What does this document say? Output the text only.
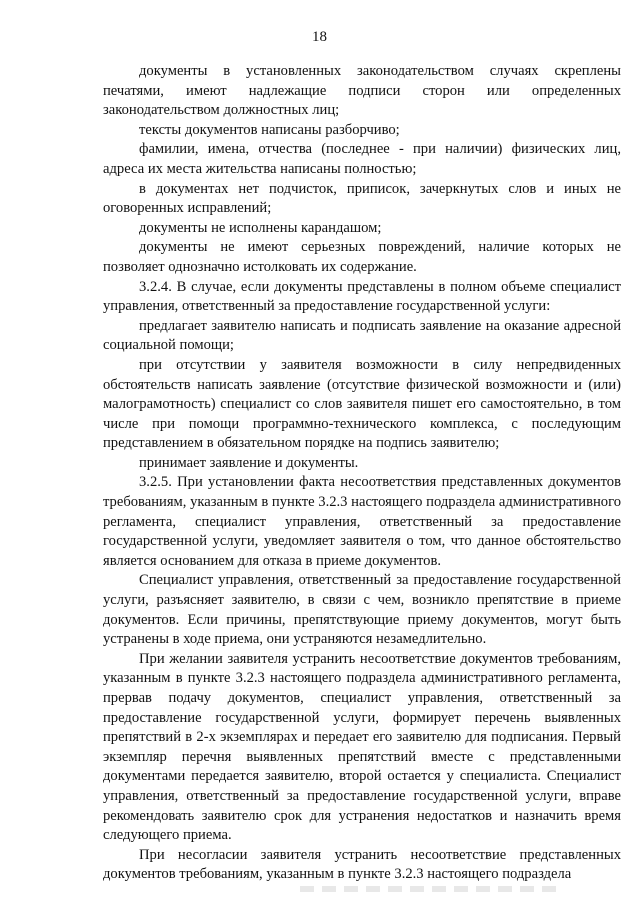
18

документы в установленных законодательством случаях скреплены печатями, имеют надлежащие подписи сторон или определенных законодательством должностных лиц;

тексты документов написаны разборчиво;

фамилии, имена, отчества (последнее - при наличии) физических лиц, адреса их места жительства написаны полностью;

в документах нет подчисток, приписок, зачеркнутых слов и иных не оговоренных исправлений;

документы не исполнены карандашом;

документы не имеют серьезных повреждений, наличие которых не позволяет однозначно истолковать их содержание.

3.2.4. В случае, если документы представлены в полном объеме специалист управления, ответственный за предоставление государственной услуги:

предлагает заявителю написать и подписать заявление на оказание адресной социальной помощи;

при отсутствии у заявителя возможности в силу непредвиденных обстоятельств написать заявление (отсутствие физической возможности и (или) малограмотность) специалист со слов заявителя пишет его самостоятельно, в том числе при помощи программно-технического комплекса, с последующим представлением в обязательном порядке на подпись заявителю;

принимает заявление и документы.

3.2.5. При установлении факта несоответствия представленных документов требованиям, указанным в пункте 3.2.3 настоящего подраздела административного регламента, специалист управления, ответственный за предоставление государственной услуги, уведомляет заявителя о том, что данное обстоятельство является основанием для отказа в приеме документов.

Специалист управления, ответственный за предоставление государственной услуги, разъясняет заявителю, в связи с чем, возникло препятствие в приеме документов. Если причины, препятствующие приему документов, могут быть устранены в ходе приема, они устраняются незамедлительно.

При желании заявителя устранить несоответствие документов требованиям, указанным в пункте 3.2.3 настоящего подраздела административного регламента, прервав подачу документов, специалист управления, ответственный за предоставление государственной услуги, формирует перечень выявленных препятствий в 2-х экземплярах и передает его заявителю для подписания. Первый экземпляр перечня выявленных препятствий вместе с представленными документами передается заявителю, второй остается у специалиста. Специалист управления, ответственный за предоставление государственной услуги, вправе рекомендовать заявителю срок для устранения недостатков и назначить время следующего приема.

При несогласии заявителя устранить несоответствие представленных документов требованиям, указанным в пункте 3.2.3 настоящего подраздела
